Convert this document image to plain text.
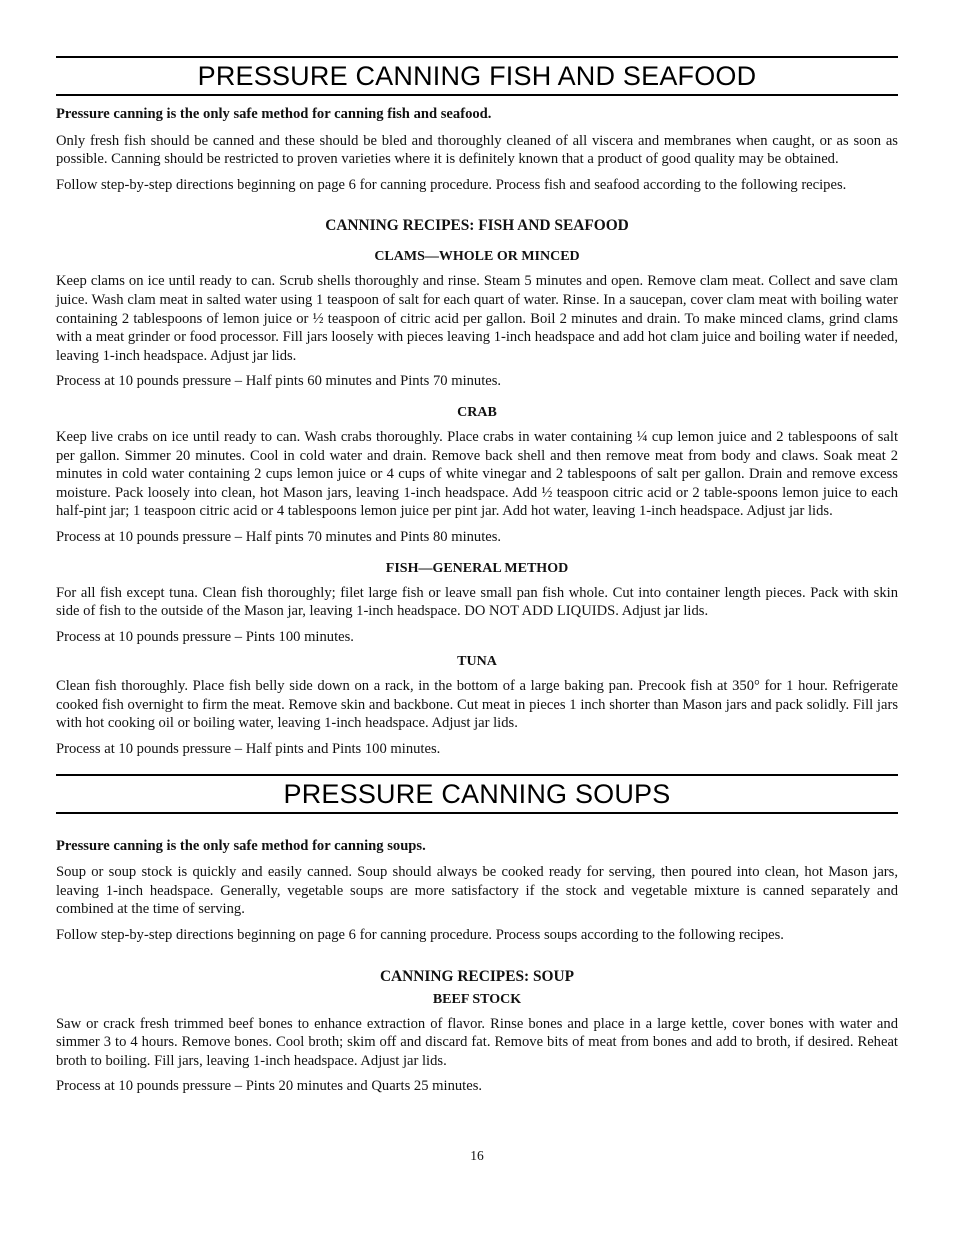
PRESSURE CANNING FISH AND SEAFOOD

Pressure canning is the only safe method for canning fish and seafood.

Only fresh fish should be canned and these should be bled and thoroughly cleaned of all viscera and membranes when caught, or as soon as possible. Canning should be restricted to proven varieties where it is definitely known that a product of good quality may be obtained.

Follow step-by-step directions beginning on page 6 for canning procedure. Process fish and seafood according to the following recipes.

CANNING RECIPES: FISH AND SEAFOOD
CLAMS—WHOLE OR MINCED

Keep clams on ice until ready to can. Scrub shells thoroughly and rinse. Steam 5 minutes and open. Remove clam meat. Collect and save clam juice. Wash clam meat in salted water using 1 teaspoon of salt for each quart of water. Rinse. In a saucepan, cover clam meat with boiling water containing 2 tablespoons of lemon juice or ½ teaspoon of citric acid per gallon. Boil 2 minutes and drain. To make minced clams, grind clams with a meat grinder or food processor. Fill jars loosely with pieces leaving 1-inch headspace and add hot clam juice and boiling water if needed, leaving 1-inch headspace. Adjust jar lids.

Process at 10 pounds pressure – Half pints 60 minutes and Pints 70 minutes.

CRAB

Keep live crabs on ice until ready to can. Wash crabs thoroughly. Place crabs in water containing ¼ cup lemon juice and 2 tablespoons of salt per gallon. Simmer 20 minutes. Cool in cold water and drain. Remove back shell and then remove meat from body and claws. Soak meat 2 minutes in cold water containing 2 cups lemon juice or 4 cups of white vinegar and 2 tablespoons of salt per gallon. Drain and remove excess moisture. Pack loosely into clean, hot Mason jars, leaving 1-inch headspace. Add ½ teaspoon citric acid or 2 table-spoons lemon juice to each half-pint jar; 1 teaspoon citric acid or 4 tablespoons lemon juice per pint jar. Add hot water, leaving 1-inch headspace. Adjust jar lids.

Process at 10 pounds pressure – Half pints 70 minutes and Pints 80 minutes.

FISH—GENERAL METHOD

For all fish except tuna. Clean fish thoroughly; filet large fish or leave small pan fish whole. Cut into container length pieces. Pack with skin side of fish to the outside of the Mason jar, leaving 1-inch headspace. DO NOT ADD LIQUIDS. Adjust jar lids.

Process at 10 pounds pressure – Pints 100 minutes.

TUNA

Clean fish thoroughly. Place fish belly side down on a rack, in the bottom of a large baking pan. Precook fish at 350° for 1 hour. Refrigerate cooked fish overnight to firm the meat. Remove skin and backbone. Cut meat in pieces 1 inch shorter than Mason jars and pack solidly. Fill jars with hot cooking oil or boiling water, leaving 1-inch headspace. Adjust jar lids.

Process at 10 pounds pressure – Half pints and Pints 100 minutes.

PRESSURE CANNING SOUPS

Pressure canning is the only safe method for canning soups.

Soup or soup stock is quickly and easily canned. Soup should always be cooked ready for serving, then poured into clean, hot Mason jars, leaving 1-inch headspace. Generally, vegetable soups are more satisfactory if the stock and vegetable mixture is canned separately and combined at the time of serving.

Follow step-by-step directions beginning on page 6 for canning procedure. Process soups according to the following recipes.

CANNING RECIPES: SOUP
BEEF STOCK

Saw or crack fresh trimmed beef bones to enhance extraction of flavor. Rinse bones and place in a large kettle, cover bones with water and simmer 3 to 4 hours. Remove bones. Cool broth; skim off and discard fat. Remove bits of meat from bones and add to broth, if desired. Reheat broth to boiling. Fill jars, leaving 1-inch headspace. Adjust jar lids.

Process at 10 pounds pressure – Pints 20 minutes and Quarts 25 minutes.

16
